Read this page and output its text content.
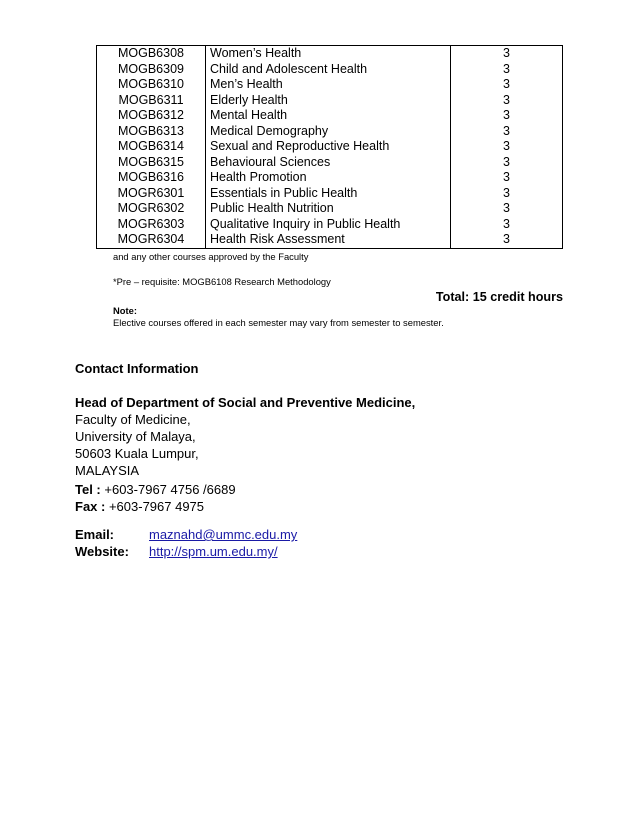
MOGB6308	Women’s Health	3
MOGB6309	Child and Adolescent Health	3
MOGB6310	Men’s Health	3
MOGB6311	Elderly Health	3
MOGB6312	Mental Health	3
MOGB6313	Medical Demography	3
MOGB6314	Sexual and Reproductive Health	3
MOGB6315	Behavioural Sciences	3
MOGB6316	Health Promotion	3
MOGR6301	Essentials in Public Health	3
MOGR6302	Public Health Nutrition	3
MOGR6303	Qualitative Inquiry in Public Health	3
MOGR6304	Health Risk Assessment	3
and any other courses approved by the Faculty
*Pre – requisite: MOGB6108 Research Methodology
Total: 15 credit hours
Note:
Elective courses offered in each semester may vary from semester to semester.
Contact Information
Head of Department of Social and Preventive Medicine,
Faculty of Medicine,
University of Malaya,
50603 Kuala Lumpur,
MALAYSIA
Tel : +603-7967 4756 /6689
Fax : +603-7967 4975
Email:	maznahd@ummc.edu.my
Website:	http://spm.um.edu.my/
